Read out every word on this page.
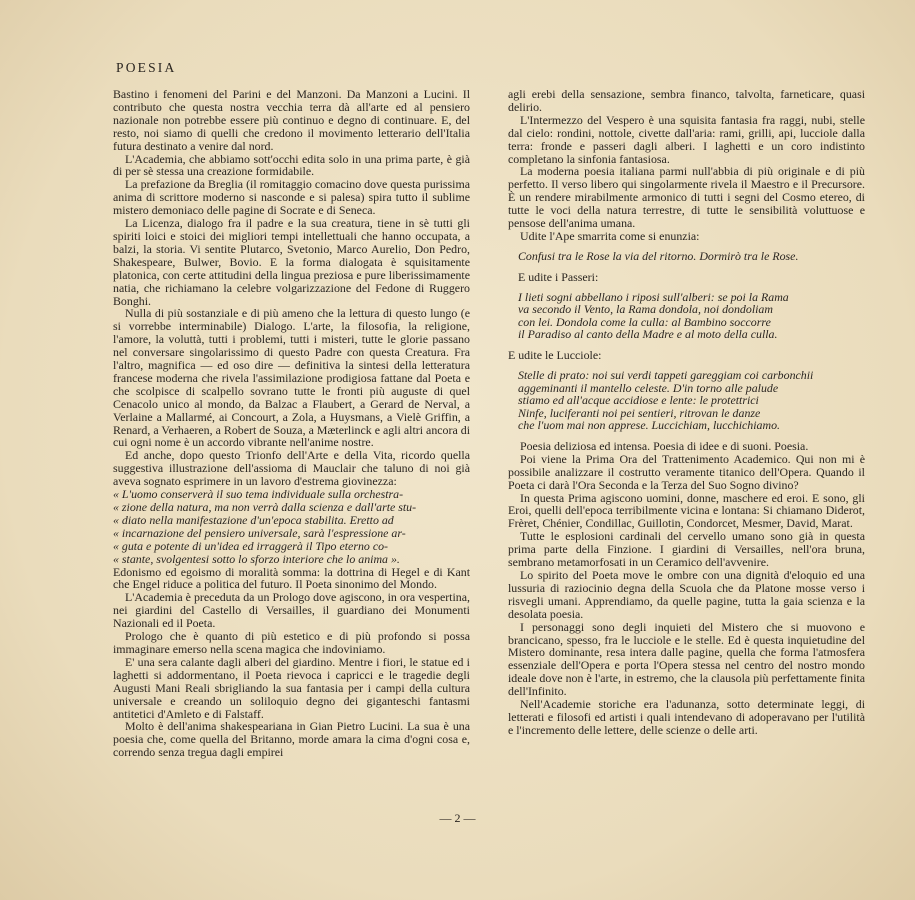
POESIA

Bastino i fenomeni del Parini e del Manzoni. Da Manzoni a Lucini. Il contributo che questa nostra vecchia terra dà all'arte ed al pensiero nazionale non potrebbe essere più continuo e degno di continuare. E, del resto, noi siamo di quelli che credono il movimento letterario dell'Italia futura destinato a venire dal nord.

L'Academia, che abbiamo sott'occhi edita solo in una prima parte, è già di per sè stessa una creazione formidabile.

La prefazione da Breglia (il romitaggio comacino dove questa purissima anima di scrittore moderno si nasconde e si palesa) spira tutto il sublime mistero demoniaco delle pagine di Socrate e di Seneca.

La Licenza, dialogo fra il padre e la sua creatura, tiene in sè tutti gli spiriti loici e stoici dei migliori tempi intellettuali che hanno occupata, a balzi, la storia. Vi sentite Plutarco, Svetonio, Marco Aurelio, Don Pedro, Shakespeare, Bulwer, Bovio. E la forma dialogata è squisitamente platonica, con certe attitudini della lingua preziosa e pure liberissimamente natia, che richiamano la celebre volgarizzazione del Fedone di Ruggero Bonghi.

Nulla di più sostanziale e di più ameno che la lettura di questo lungo (e si vorrebbe interminabile) Dialogo. L'arte, la filosofia, la religione, l'amore, la voluttà, tutti i problemi, tutti i misteri, tutte le glorie passano nel conversare singolarissimo di questo Padre con questa Creatura. Fra l'altro, magnifica — ed oso dire — definitiva la sintesi della letteratura francese moderna che rivela l'assimilazione prodigiosa fattane dal Poeta e che scolpisce di scalpello sovrano tutte le fronti più auguste di quel Cenacolo unico al mondo, da Balzac a Flaubert, a Gerard de Nerval, a Verlaine a Mallarmé, ai Concourt, a Zola, a Huysmans, a Vielè Griffin, a Renard, a Verhaeren, a Robert de Souza, a Mæterlinck e agli altri ancora di cui ogni nome è un accordo vibrante nell'anime nostre.

Ed anche, dopo questo Trionfo dell'Arte e della Vita, ricordo quella suggestiva illustrazione dell'assioma di Mauclair che taluno di noi già aveva sognato esprimere in un lavoro d'estrema giovinezza:

« L'uomo conserverà il suo tema individuale sulla orchestra-

« zione della natura, ma non verrà dalla scienza e dall'arte stu-

« diato nella manifestazione d'un'epoca stabilita. Eretto ad

« incarnazione del pensiero universale, sarà l'espressione ar-

« guta e potente di un'idea ed irraggerà il Tipo eterno co-

« stante, svolgentesi sotto lo sforzo interiore che lo anima ».

Edonismo ed egoismo di moralità somma: la dottrina di Hegel e di Kant che Engel riduce a politica del futuro. Il Poeta sinonimo del Mondo.

L'Academia è preceduta da un Prologo dove agiscono, in ora vespertina, nei giardini del Castello di Versailles, il guardiano dei Monumenti Nazionali ed il Poeta.

Prologo che è quanto di più estetico e di più profondo si possa immaginare emerso nella scena magica che indoviniamo.

E' una sera calante dagli alberi del giardino. Mentre i fiori, le statue ed i laghetti si addormentano, il Poeta rievoca i capricci e le tragedie degli Augusti Mani Reali sbrigliando la sua fantasia per i campi della cultura universale e creando un soliloquio degno dei giganteschi fantasmi antitetici d'Amleto e di Falstaff.

Molto è dell'anima shakespeariana in Gian Pietro Lucini. La sua è una poesia che, come quella del Britanno, morde amara la cima d'ogni cosa e, correndo senza tregua dagli empirei

agli erebi della sensazione, sembra financo, talvolta, farneticare, quasi delirio.

L'Intermezzo del Vespero è una squisita fantasia fra raggi, nubi, stelle dal cielo: rondini, nottole, civette dall'aria: rami, grilli, api, lucciole dalla terra: fronde e passeri dagli alberi. I laghetti e un coro indistinto completano la sinfonia fantasiosa.

La moderna poesia italiana parmi null'abbia di più originale e di più perfetto. Il verso libero qui singolarmente rivela il Maestro e il Precursore. È un rendere mirabilmente armonico di tutti i segni del Cosmo etereo, di tutte le voci della natura terrestre, di tutte le sensibilità voluttuose e pensose dell'anima umana.

Udite l'Ape smarrita come si enunzia:

Confusi tra le Rose la via del ritorno. Dormirò tra le Rose.

E udite i Passeri:

I lieti sogni abbellano i riposi sull'alberi: se poi la Rama
va secondo il Vento, la Rama dondola, noi dondoliam
con lei. Dondola come la culla: al Bambino soccorre
il Paradiso al canto della Madre e al moto della culla.

E udite le Lucciole:

Stelle di prato: noi sui verdi tappeti gareggiam coi carbonchii
aggeminanti il mantello celeste. D'in torno alle palude
stiamo ed all'acque accidiose e lente: le protettrici
Ninfe, luciferanti noi pei sentieri, ritrovan le danze
che l'uom mai non apprese. Luccichiam, lucchichiamo.

Poesia deliziosa ed intensa. Poesia di idee e di suoni. Poesia.

Poi viene la Prima Ora del Trattenimento Academico. Qui non mi è possibile analizzare il costrutto veramente titanico dell'Opera. Quando il Poeta ci darà l'Ora Seconda e la Terza del Suo Sogno divino?

In questa Prima agiscono uomini, donne, maschere ed eroi. E sono, gli Eroi, quelli dell'epoca terribilmente vicina e lontana: Si chiamano Diderot, Frèret, Chénier, Condillac, Guillotin, Condorcet, Mesmer, David, Marat.

Tutte le esplosioni cardinali del cervello umano sono già in questa prima parte della Finzione. I giardini di Versailles, nell'ora bruna, sembrano metamorfosati in un Ceramico dell'avvenire.

Lo spirito del Poeta move le ombre con una dignità d'eloquio ed una lussuria di raziocinio degna della Scuola che da Platone mosse verso i risvegli umani. Apprendiamo, da quelle pagine, tutta la gaia scienza e la desolata poesia.

I personaggi sono degli inquieti del Mistero che si muovono e brancicano, spesso, fra le lucciole e le stelle. Ed è questa inquietudine del Mistero dominante, resa intera dalle pagine, quella che forma l'atmosfera essenziale dell'Opera e porta l'Opera stessa nel centro del nostro mondo ideale dove non è l'arte, in estremo, che la clausola più perfettamente finita dell'Infinito.

Nell'Academie storiche era l'adunanza, sotto determinate leggi, di letterati e filosofi ed artisti i quali intendevano di adoperavano per l'utilità e l'incremento delle lettere, delle scienze o delle arti.

— 2 —
